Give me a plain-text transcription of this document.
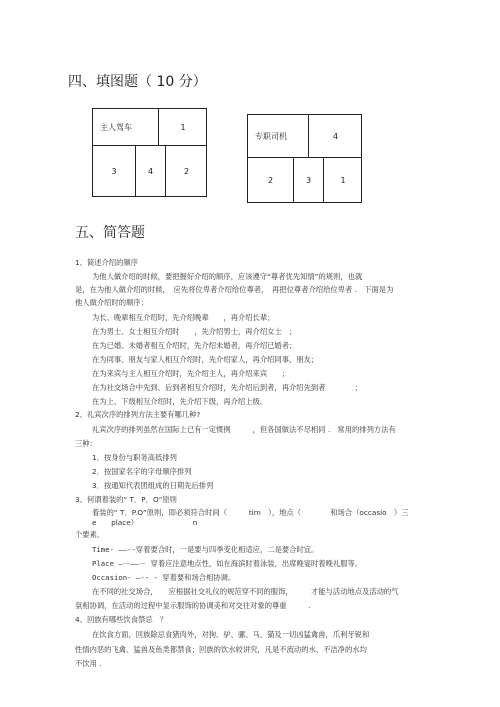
四、填图题（ 10 分）
主人驾车	1
3	4	2
专职司机	4
2	3	1
五、简答题
1、简述介绍的顺序
为他人做介绍的时候，要把握好介绍的顺序，应该遵守“尊者优先知情”的规则，也就
是，在为他人做介绍的时候，　应先将位卑者介绍给位尊者，　再把位尊者介绍给位卑者 .　下面是为
他人做介绍时的顺序：
为长、晚辈相互介绍时，先介绍晚辈　　，再介绍长辈；
在为男士、女士相互介绍时　　，先介绍男士，再介绍女士　；
在为已婚、未婚者相互介绍时，先介绍未婚者，再介绍已婚者；
在为同事、朋友与家人相互介绍时，先介绍家人，再介绍同事、朋友；
在为来宾与主人相互介绍时，先介绍主人，再介绍来宾　　；
在为社交场合中先到、后到者相互介绍时，先介绍后到者，再介绍先到者　　　　；
在为上、下级相互介绍时，先介绍下级，再介绍上级。
2、礼宾次序的排列方法主要有哪几种?
礼宾次序的排列虽然在国际上已有一定惯例　　　，但各国做法不尽相同 .　常用的排列方法有
三种：
1．按身份与职务高低排列
2．按国家名字的字母顺序排列
3．按通知代表团组成的日期先后排列
3、何谓着装的“ T．P．O”原则
着装的“ T．P.O”原则，即必须符合时间（　　　tim　），地点（　　　　和场合（occasio　）三
e　　place）　　　　　　　　n
个要素。
Time- ——--穿着要合时，一是要与四季变化相适应，二是要合时宜。
Place —－——－ 穿着应注意地点性，如在海滨时着泳装，出席晚宴时着晚礼服等。
Occasion- —-- - 穿着要和场合相协调。
在不同的社交场合，　　应根据社交礼仪的规范穿不同的服饰，　　　才能与活动地点及活动的气
氛相协调，在活动的过程中显示服饰的协调美和对交往对象的尊重　　　.
4、回族有哪些饮食禁忌　？
在饮食方面，回族除忌食猪肉外，对狗、驴、骡、马、猫及一切凶猛禽兽，爪利牙锐和
性情内恶的飞禽、猛兽及鱼类都禁食；回族的饮水较讲究，凡是不流动的水、不洁净的水均
不饮用 .
